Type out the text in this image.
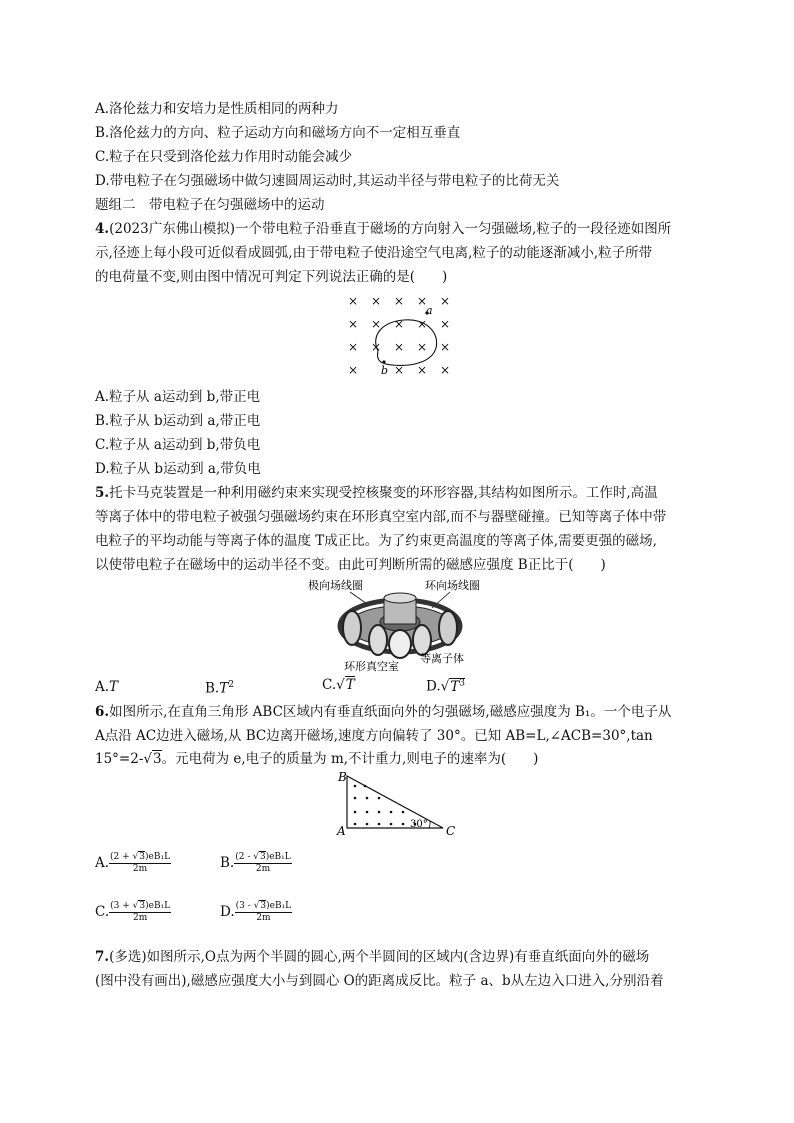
A.洛伦兹力和安培力是性质相同的两种力
B.洛伦兹力的方向、粒子运动方向和磁场方向不一定相互垂直
C.粒子在只受到洛伦兹力作用时动能会减少
D.带电粒子在匀强磁场中做匀速圆周运动时,其运动半径与带电粒子的比荷无关
题组二　带电粒子在匀强磁场中的运动
4.(2023广东佛山模拟)一个带电粒子沿垂直于磁场的方向射入一匀强磁场,粒子的一段径迹如图所
示,径迹上每小段可近似看成圆弧,由于带电粒子使沿途空气电离,粒子的动能逐渐减小,粒子所带
的电荷量不变,则由图中情况可判定下列说法正确的是(　　)
× × × × ×
× × × × ×
× × × × ×
×	× × ×
a
b
A.粒子从 a运动到 b,带正电
B.粒子从 b运动到 a,带正电
C.粒子从 a运动到 b,带负电
D.粒子从 b运动到 a,带负电
5.托卡马克装置是一种利用磁约束来实现受控核聚变的环形容器,其结构如图所示。工作时,高温
等离子体中的带电粒子被强匀强磁场约束在环形真空室内部,而不与器壁碰撞。已知等离子体中带
电粒子的平均动能与等离子体的温度 T成正比。为了约束更高温度的等离子体,需要更强的磁场,
以使带电粒子在磁场中的运动半径不变。由此可判断所需的磁感应强度 B正比于(　　)
极向场线圈	环向场线圈
环形真空室
等离子体
A.T	$B.T^2$	C.√T	$D.√T^3$
6.如图所示,在直角三角形 ABC区域内有垂直纸面向外的匀强磁场,磁感应强度为 B₁。一个电子从
A点沿 AC边进入磁场,从 BC边离开磁场,速度方向偏转了 30°。已知 AB=L,∠ACB=30°,tan
15°=2-√3。元电荷为 e,电子的质量为 m,不计重力,则电子的速率为(　　)
B
A	C
30°
A. $\frac{\text{(2 + √3)eB₁L}}{2m}$	B. $\frac{\text{(2 - √3)eB₁L}}{2m}$
C. $\frac{\text{(3 + √3)eB₁L}}{2m}$	D. $\frac{\text{(3 - √3)eB₁L}}{2m}$
7.(多选)如图所示,O点为两个半圆的圆心,两个半圆间的区域内(含边界)有垂直纸面向外的磁场
(图中没有画出),磁感应强度大小与到圆心 O的距离成反比。粒子 a、b从左边入口进入,分别沿着
